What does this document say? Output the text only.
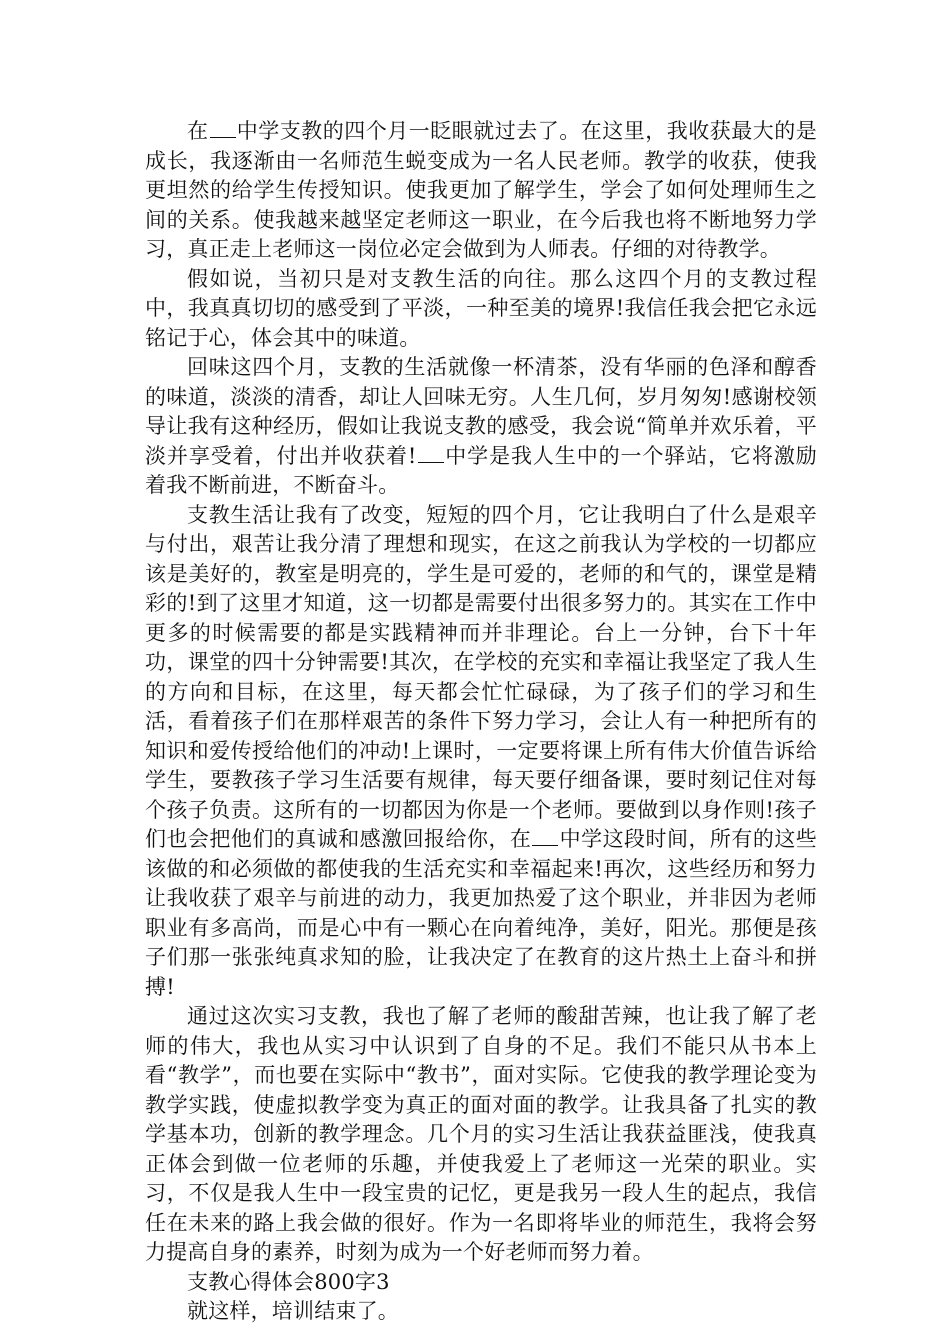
在 中学支教的四个月一眨眼就过去了。在这里，我收获最大的是成长，我逐渐由一名师范生蜕变成为一名人民老师。教学的收获，使我更坦然的给学生传授知识。使我更加了解学生，学会了如何处理师生之间的关系。使我越来越坚定老师这一职业，在今后我也将不断地努力学习，真正走上老师这一岗位必定会做到为人师表。仔细的对待教学。

假如说，当初只是对支教生活的向往。那么这四个月的支教过程中，我真真切切的感受到了平淡，一种至美的境界!我信任我会把它永远铭记于心，体会其中的味道。

回味这四个月，支教的生活就像一杯清茶，没有华丽的色泽和醇香的味道，淡淡的清香，却让人回味无穷。人生几何，岁月匆匆!感谢校领导让我有这种经历，假如让我说支教的感受，我会说“简单并欢乐着，平淡并享受着，付出并收获着! 中学是我人生中的一个驿站，它将激励着我不断前进，不断奋斗。

支教生活让我有了改变，短短的四个月，它让我明白了什么是艰辛与付出，艰苦让我分清了理想和现实，在这之前我认为学校的一切都应该是美好的，教室是明亮的，学生是可爱的，老师的和气的，课堂是精彩的!到了这里才知道，这一切都是需要付出很多努力的。其实在工作中更多的时候需要的都是实践精神而并非理论。台上一分钟，台下十年功，课堂的四十分钟需要!其次，在学校的充实和幸福让我坚定了我人生的方向和目标，在这里，每天都会忙忙碌碌，为了孩子们的学习和生活，看着孩子们在那样艰苦的条件下努力学习，会让人有一种把所有的知识和爱传授给他们的冲动!上课时，一定要将课上所有伟大价值告诉给学生，要教孩子学习生活要有规律，每天要仔细备课，要时刻记住对每个孩子负责。这所有的一切都因为你是一个老师。要做到以身作则!孩子们也会把他们的真诚和感激回报给你，在 中学这段时间，所有的这些该做的和必须做的都使我的生活充实和幸福起来!再次，这些经历和努力让我收获了艰辛与前进的动力，我更加热爱了这个职业，并非因为老师职业有多高尚，而是心中有一颗心在向着纯净，美好，阳光。那便是孩子们那一张张纯真求知的脸，让我决定了在教育的这片热土上奋斗和拼搏!

通过这次实习支教，我也了解了老师的酸甜苦辣，也让我了解了老师的伟大，我也从实习中认识到了自身的不足。我们不能只从书本上看“教学”，而也要在实际中“教书”，面对实际。它使我的教学理论变为教学实践，使虚拟教学变为真正的面对面的教学。让我具备了扎实的教学基本功，创新的教学理念。几个月的实习生活让我获益匪浅，使我真正体会到做一位老师的乐趣，并使我爱上了老师这一光荣的职业。实习，不仅是我人生中一段宝贵的记忆，更是我另一段人生的起点，我信任在未来的路上我会做的很好。作为一名即将毕业的师范生，我将会努力提高自身的素养，时刻为成为一个好老师而努力着。

支教心得体会800字3

就这样，培训结束了。
